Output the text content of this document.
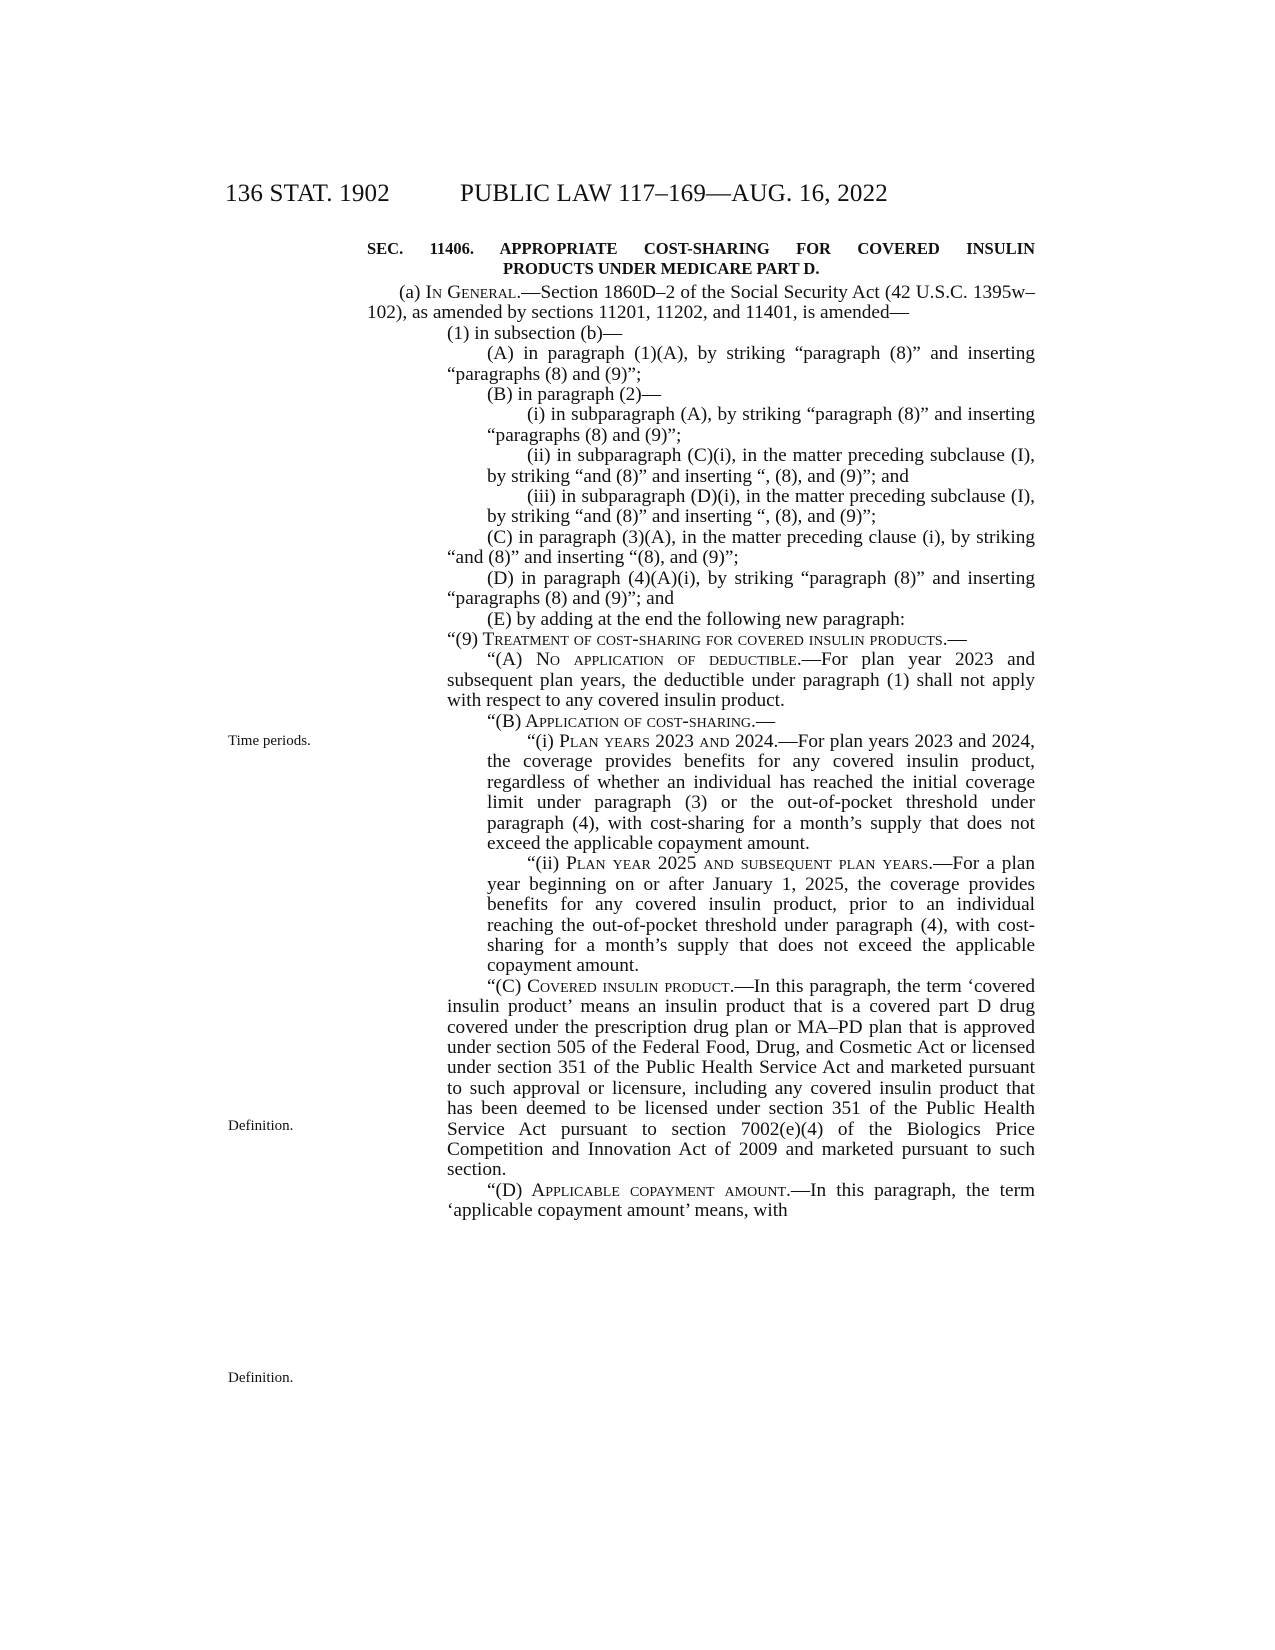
136 STAT. 1902	PUBLIC LAW 117–169—AUG. 16, 2022
SEC. 11406. APPROPRIATE COST-SHARING FOR COVERED INSULIN
PRODUCTS UNDER MEDICARE PART D.
Time periods.
Definition.
Definition.

(a) In General.—Section 1860D–2 of the Social Security Act (42 U.S.C. 1395w–102), as amended by sections 11201, 11202, and 11401, is amended—

(1) in subsection (b)—

(A) in paragraph (1)(A), by striking “paragraph (8)” and inserting “paragraphs (8) and (9)”;

(B) in paragraph (2)—

(i) in subparagraph (A), by striking “paragraph (8)” and inserting “paragraphs (8) and (9)”;

(ii) in subparagraph (C)(i), in the matter preceding subclause (I), by striking “and (8)” and inserting “, (8), and (9)”; and

(iii) in subparagraph (D)(i), in the matter preceding subclause (I), by striking “and (8)” and inserting “, (8), and (9)”;

(C) in paragraph (3)(A), in the matter preceding clause (i), by striking “and (8)” and inserting “(8), and (9)”;

(D) in paragraph (4)(A)(i), by striking “paragraph (8)” and inserting “paragraphs (8) and (9)”; and

(E) by adding at the end the following new paragraph:

“(9) Treatment of cost-sharing for covered insulin products.—

“(A) No application of deductible.—For plan year 2023 and subsequent plan years, the deductible under paragraph (1) shall not apply with respect to any covered insulin product.

“(B) Application of cost-sharing.—

“(i) Plan years 2023 and 2024.—For plan years 2023 and 2024, the coverage provides benefits for any covered insulin product, regardless of whether an individual has reached the initial coverage limit under paragraph (3) or the out-of-pocket threshold under paragraph (4), with cost-sharing for a month’s supply that does not exceed the applicable copayment amount.

“(ii) Plan year 2025 and subsequent plan years.—For a plan year beginning on or after January 1, 2025, the coverage provides benefits for any covered insulin product, prior to an individual reaching the out-of-pocket threshold under paragraph (4), with cost-sharing for a month’s supply that does not exceed the applicable copayment amount.

“(C) Covered insulin product.—In this paragraph, the term ‘covered insulin product’ means an insulin product that is a covered part D drug covered under the prescription drug plan or MA–PD plan that is approved under section 505 of the Federal Food, Drug, and Cosmetic Act or licensed under section 351 of the Public Health Service Act and marketed pursuant to such approval or licensure, including any covered insulin product that has been deemed to be licensed under section 351 of the Public Health Service Act pursuant to section 7002(e)(4) of the Biologics Price Competition and Innovation Act of 2009 and marketed pursuant to such section.

“(D) Applicable copayment amount.—In this paragraph, the term ‘applicable copayment amount’ means, with
